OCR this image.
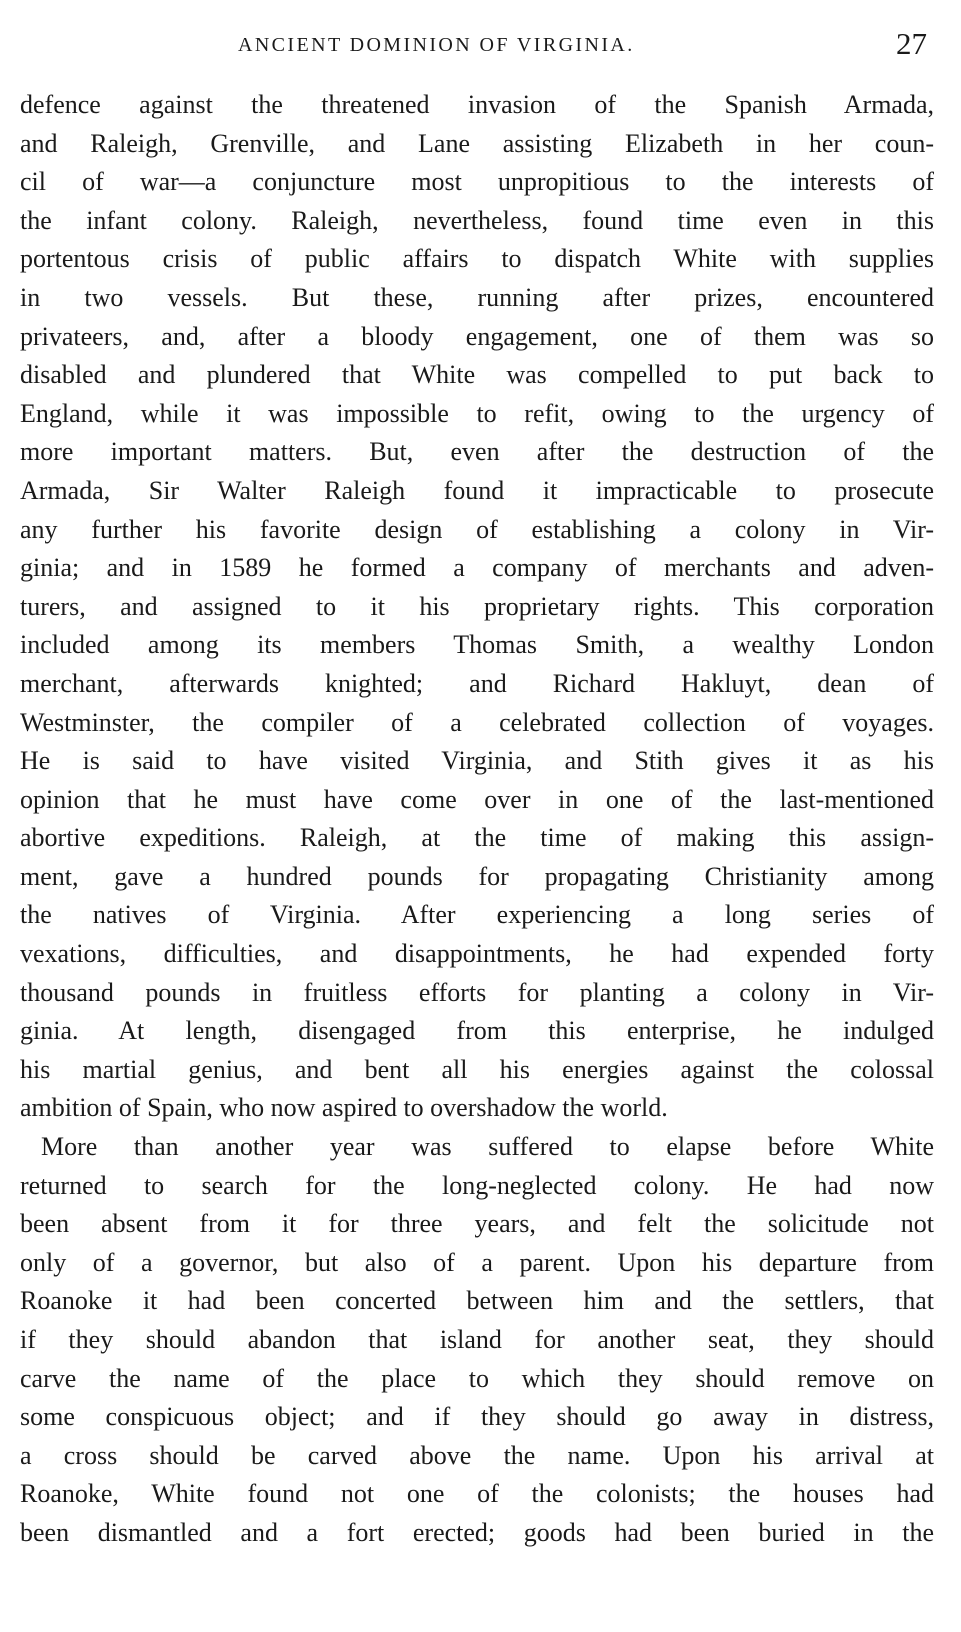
ANCIENT DOMINION OF VIRGINIA.	27
defence against the threatened invasion of the Spanish Armada,
and Raleigh, Grenville, and Lane assisting Elizabeth in her coun-
cil of war—a conjuncture most unpropitious to the interests of
the infant colony. Raleigh, nevertheless, found time even in this
portentous crisis of public affairs to dispatch White with supplies
in two vessels. But these, running after prizes, encountered
privateers, and, after a bloody engagement, one of them was so
disabled and plundered that White was compelled to put back to
England, while it was impossible to refit, owing to the urgency of
more important matters. But, even after the destruction of the
Armada, Sir Walter Raleigh found it impracticable to prosecute
any further his favorite design of establishing a colony in Vir-
ginia; and in 1589 he formed a company of merchants and adven-
turers, and assigned to it his proprietary rights. This corporation
included among its members Thomas Smith, a wealthy London
merchant, afterwards knighted; and Richard Hakluyt, dean of
Westminster, the compiler of a celebrated collection of voyages.
He is said to have visited Virginia, and Stith gives it as his
opinion that he must have come over in one of the last-mentioned
abortive expeditions. Raleigh, at the time of making this assign-
ment, gave a hundred pounds for propagating Christianity among
the natives of Virginia. After experiencing a long series of
vexations, difficulties, and disappointments, he had expended forty
thousand pounds in fruitless efforts for planting a colony in Vir-
ginia. At length, disengaged from this enterprise, he indulged
his martial genius, and bent all his energies against the colossal
ambition of Spain, who now aspired to overshadow the world.
More than another year was suffered to elapse before White
returned to search for the long-neglected colony. He had now
been absent from it for three years, and felt the solicitude not
only of a governor, but also of a parent. Upon his departure from
Roanoke it had been concerted between him and the settlers, that
if they should abandon that island for another seat, they should
carve the name of the place to which they should remove on
some conspicuous object; and if they should go away in distress,
a cross should be carved above the name. Upon his arrival at
Roanoke, White found not one of the colonists; the houses had
been dismantled and a fort erected; goods had been buried in the
